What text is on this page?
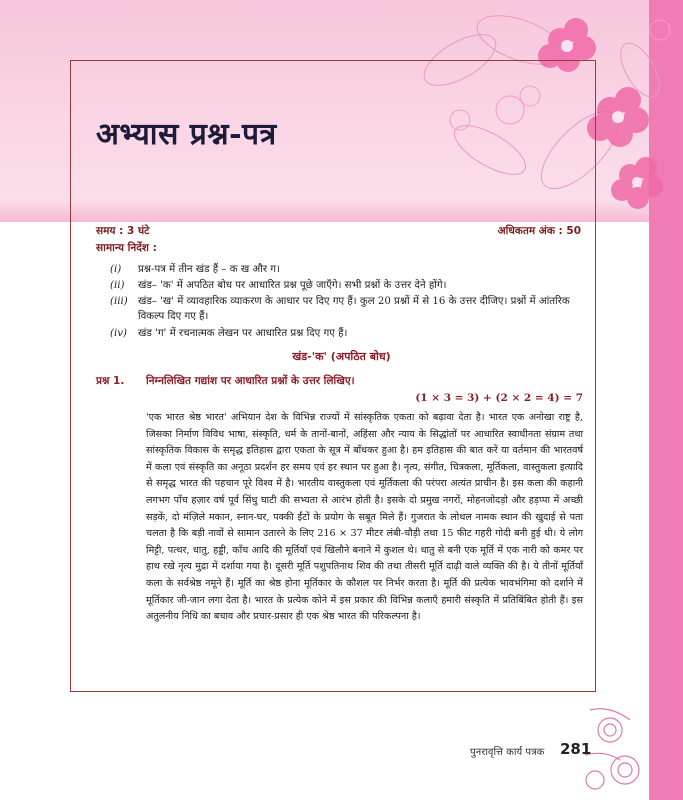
अभ्यास प्रश्न-पत्र
समय : 3 घंटे	अधिकतम अंक : 50
सामान्य निर्देश :
(i) प्रश्न-पत्र में तीन खंड हैं – क ख और ग।
(ii) खंड– 'क' में अपठित बोध पर आधारित प्रश्न पूछे जाएँगे। सभी प्रश्नों के उत्तर देने होंगे।
(iii) खंड– 'ख' में व्यावहारिक व्याकरण के आधार पर दिए गए हैं। कुल 20 प्रश्नों में से 16 के उत्तर दीजिए। प्रश्नों में आंतरिक विकल्प दिए गए हैं।
(iv) खंड 'ग' में रचनात्मक लेखन पर आधारित प्रश्न दिए गए हैं।
खंड-'क' (अपठित बोध)
प्रश्न 1. निम्नलिखित गद्यांश पर आधारित प्रश्नों के उत्तर लिखिए।
(1 × 3 = 3) + (2 × 2 = 4) = 7
'एक भारत श्रेष्ठ भारत' अभियान देश के विभिन्न राज्यों में सांस्कृतिक एकता को बढ़ावा देता है। भारत एक अनोखा राष्ट्र है, जिसका निर्माण विविध भाषा, संस्कृति, धर्म के तानों-बानों, अहिंसा और न्याय के सिद्धांतों पर आधारित स्वाधीनता संग्राम तथा सांस्कृतिक विकास के समृद्ध इतिहास द्वारा एकता के सूत्र में बाँधकर हुआ है। हम इतिहास की बात करें या वर्तमान की भारतवर्ष में कला एवं संस्कृति का अनूठा प्रदर्शन हर समय एवं हर स्थान पर हुआ है। नृत्य, संगीत, चित्रकला, मूर्तिकला, वास्तुकला इत्यादि से समृद्ध भारत की पहचान पूरे विश्व में है। भारतीय वास्तुकला एवं मूर्तिकला की परंपरा अत्यंत प्राचीन है। इस कला की कहानी लगभग पाँच हज़ार वर्ष पूर्व सिंधु घाटी की सभ्यता से आरंभ होती है। इसके दो प्रमुख नगरों, मोहनजोदड़ो और हड़प्पा में अच्छी सड़कें, दो मंज़िले मकान, स्नान-घर, पक्की ईंटों के प्रयोग के सबूत मिले हैं। गुजरात के लोथल नामक स्थान की खुदाई से पता चलता है कि बड़ी नावों से सामान उतारने के लिए 216 × 37 मीटर लंबी-चौड़ी तथा 15 फीट गहरी गोदी बनी हुई थी। ये लोग मिट्टी, पत्थर, धातु, हड्डी, काँच आदि की मूर्तियाँ एवं खिलौने बनाने में कुशल थे। धातु से बनी एक मूर्ति में एक नारी को कमर पर हाथ रखे नृत्य मुद्रा में दर्शाया गया है। दूसरी मूर्ति पशुपतिनाथ शिव की तथा तीसरी मूर्ति दाढ़ी वाले व्यक्ति की है। ये तीनों मूर्तियाँ कला के सर्वश्रेष्ठ नमूने हैं। मूर्ति का श्रेष्ठ होना मूर्तिकार के कौशल पर निर्भर करता है। मूर्ति की प्रत्येक भावभंगिमा को दर्शाने में मूर्तिकार जी-जान लगा देता है। भारत के प्रत्येक कोने में इस प्रकार की विभिन्न कलाएँ हमारी संस्कृति में प्रतिबिंबित होती हैं। इस अतुलनीय निधि का बचाव और प्रचार-प्रसार ही एक श्रेष्ठ भारत की परिकल्पना है।
पुनरावृत्ति कार्य पत्रक 281
